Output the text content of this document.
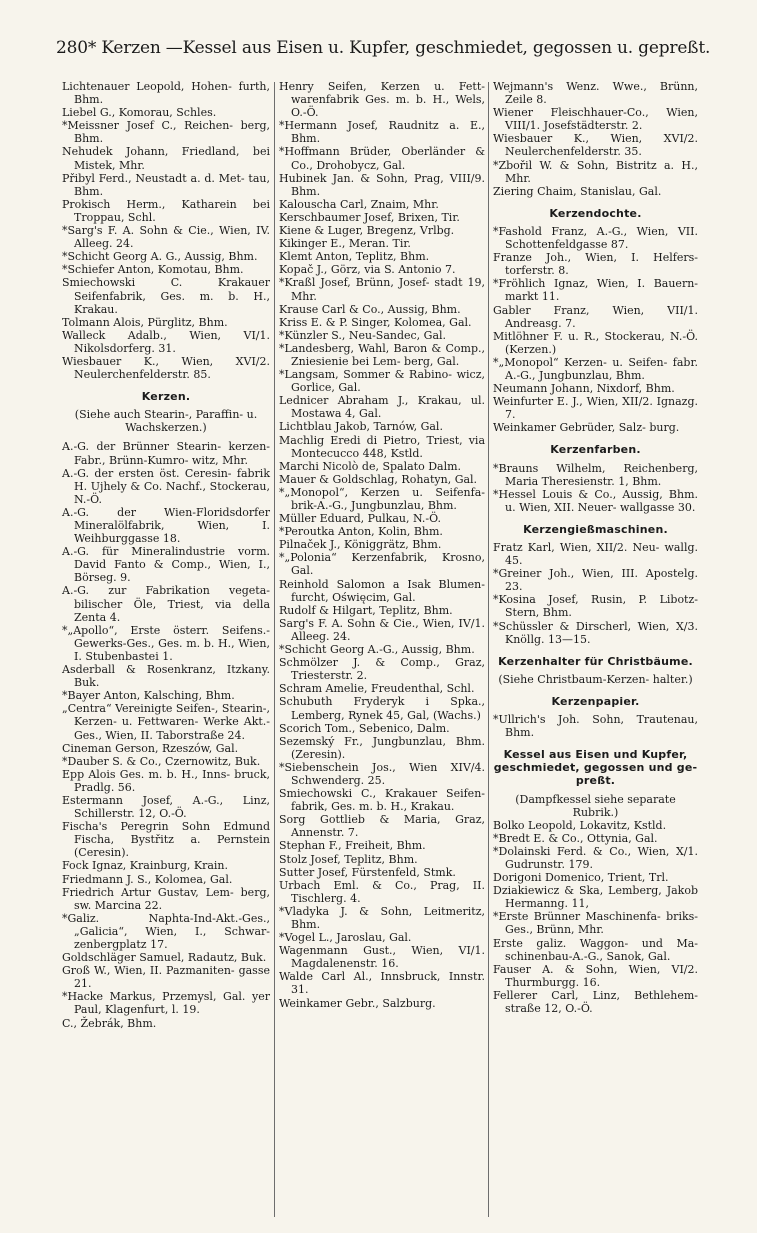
280* Kerzen —Kessel aus Eisen u. Kupfer, geschmiedet, gegossen u. gepreßt.
Lichtenauer Leopold, Hohen- furth, Bhm.
Liebel G., Komorau, Schles.
*Meissner Josef C., Reichen- berg, Bhm.
Nehudek Johann, Friedland, bei Mistek, Mhr.
Přibyl Ferd., Neustadt a. d. Met- tau, Bhm.
Prokisch Herm., Katharein bei Troppau, Schl.
*Sarg's F. A. Sohn & Cie., Wien, IV. Alleeg. 24.
*Schicht Georg A. G., Aussig, Bhm.
*Schiefer Anton, Komotau, Bhm.
Smiechowski C. Krakauer Seifenfabrik, Ges. m. b. H., Krakau.
Tolmann Alois, Pürglitz, Bhm.
Walleck Adalb., Wien, VI/1. Nikolsdorferg. 31.
Wiesbauer K., Wien, XVI/2. Neulerchenfelderstr. 85.
Kerzen.
(Siehe auch Stearin-, Paraffin- u. Wachskerzen.)
A.-G. der Brünner Stearin- kerzen-Fabr., Brünn-Kumro- witz, Mhr.
A.-G. der ersten öst. Ceresin- fabrik H. Ujhely & Co. Nachf., Stockerau, N.-Ö.
A.-G. der Wien-Floridsdorfer Mineralölfabrik, Wien, I. Weihburggasse 18.
A.-G. für Mineralindustrie vorm. David Fanto & Comp., Wien, I., Börseg. 9.
A.-G. zur Fabrikation vegeta- bilischer Öle, Triest, via della Zenta 4.
*„Apollo“, Erste österr. Seifens.- Gewerks-Ges., Ges. m. b. H., Wien, I. Stubenbastei 1.
Asderball & Rosenkranz, Itzkany. Buk.
*Bayer Anton, Kalsching, Bhm.
„Centra“ Vereinigte Seifen-, Stearin-, Kerzen- u. Fettwaren- Werke Akt.-Ges., Wien, II. Taborstraße 24.
Cineman Gerson, Rzeszów, Gal.
*Dauber S. & Co., Czernowitz, Buk.
Epp Alois Ges. m. b. H., Inns- bruck, Pradlg. 56.
Estermann Josef, A.-G., Linz, Schillerstr. 12, O.-Ö.
Fischa's Peregrin Sohn Edmund Fischa, Bystřitz a. Pernstein (Ceresin).
Fock Ignaz, Krainburg, Krain.
Friedmann J. S., Kolomea, Gal.
Friedrich Artur Gustav, Lem- berg, sw. Marcina 22.
*Galiz. Naphta-Ind-Akt.-Ges., „Galicia“, Wien, I., Schwar- zenbergplatz 17.
Goldschläger Samuel, Radautz, Buk.
Groß W., Wien, II. Pazmaniten- gasse 21.
*Hacke Markus, Przemysl, Gal. yer Paul, Klagenfurt, l. 19.
C., Žebrák, Bhm.
Henry Seifen, Kerzen u. Fett- warenfabrik Ges. m. b. H., Wels, O.-Ö.
*Hermann Josef, Raudnitz a. E., Bhm.
*Hoffmann Brüder, Oberländer & Co., Drohobycz, Gal.
Hubinek Jan. & Sohn, Prag, VIII/9. Bhm.
Kalouscha Carl, Znaim, Mhr.
Kerschbaumer Josef, Brixen, Tir.
Kiene & Luger, Bregenz, Vrlbg.
Kikinger E., Meran. Tir.
Klemt Anton, Teplitz, Bhm.
Kopač J., Görz, via S. Antonio 7.
*Kraßl Josef, Brünn, Josef- stadt 19, Mhr.
Krause Carl & Co., Aussig, Bhm.
Kriss E. & P. Singer, Kolomea, Gal.
*Künzler S., Neu-Sandec, Gal.
*Landesberg, Wahl, Baron & Comp., Zniesienie bei Lem- berg, Gal.
*Langsam, Sommer & Rabino- wicz, Gorlice, Gal.
Lednicer Abraham J., Krakau, ul. Mostawa 4, Gal.
Lichtblau Jakob, Tarnów, Gal.
Machlig Eredi di Pietro, Triest, via Montecucco 448, Kstld.
Marchi Nicolò de, Spalato Dalm.
Mauer & Goldschlag, Rohatyn, Gal.
*„Monopol“, Kerzen u. Seifenfa- brik-A.-G., Jungbunzlau, Bhm.
Müller Eduard, Pulkau, N.-Ö.
*Peroutka Anton, Kolin, Bhm.
Pilnaček J., Königgrätz, Bhm.
*„Polonia“ Kerzenfabrik, Krosno, Gal.
Reinhold Salomon a Isak Blumen- furcht, Oświęcim, Gal.
Rudolf & Hilgart, Teplitz, Bhm.
Sarg's F. A. Sohn & Cie., Wien, IV/1. Alleeg. 24.
*Schicht Georg A.-G., Aussig, Bhm.
Schmölzer J. & Comp., Graz, Triesterstr. 2.
Schram Amelie, Freudenthal, Schl.
Schubuth Fryderyk i Spka., Lemberg, Rynek 45, Gal, (Wachs.)
Scorich Tom., Sebenico, Dalm.
Sezemský Fr., Jungbunzlau, Bhm. (Zeresin).
*Siebenschein Jos., Wien XIV/4. Schwenderg. 25.
Smiechowski C., Krakauer Seifen- fabrik, Ges. m. b. H., Krakau.
Sorg Gottlieb & Maria, Graz, Annenstr. 7.
Stephan F., Freiheit, Bhm.
Stolz Josef, Teplitz, Bhm.
Sutter Josef, Fürstenfeld, Stmk.
Urbach Eml. & Co., Prag, II. Tischlerg. 4.
*Vladyka J. & Sohn, Leitmeritz, Bhm.
*Vogel L., Jaroslau, Gal.
Wagenmann Gust., Wien, VI/1. Magdalenenstr. 16.
Walde Carl Al., Innsbruck, Innstr. 31.
Weinkamer Gebr., Salzburg.
Wejmann's Wenz. Wwe., Brünn, Zeile 8.
Wiener Fleischhauer-Co., Wien, VIII/1. Josefstädterstr. 2.
Wiesbauer K., Wien, XVI/2. Neulerchenfelderstr. 35.
*Zbořil W. & Sohn, Bistritz a. H., Mhr.
Ziering Chaim, Stanislau, Gal.
Kerzendochte.
*Fashold Franz, A.-G., Wien, VII. Schottenfeldgasse 87.
Franze Joh., Wien, I. Helfers- torferstr. 8.
*Fröhlich Ignaz, Wien, I. Bauern- markt 11.
Gabler Franz, Wien, VII/1. Andreasg. 7.
Mitlöhner F. u. R., Stockerau, N.-Ö. (Kerzen.)
*„Monopol“ Kerzen- u. Seifen- fabr. A.-G., Jungbunzlau, Bhm.
Neumann Johann, Nixdorf, Bhm.
Weinfurter E. J., Wien, XII/2. Ignazg. 7.
Weinkamer Gebrüder, Salz- burg.
Kerzenfarben.
*Brauns Wilhelm, Reichenberg, Maria Theresienstr. 1, Bhm.
*Hessel Louis & Co., Aussig, Bhm. u. Wien, XII. Neuer- wallgasse 30.
Kerzengießmaschinen.
Fratz Karl, Wien, XII/2. Neu- wallg. 45.
*Greiner Joh., Wien, III. Apostelg. 23.
*Kosina Josef, Rusin, P. Libotz- Stern, Bhm.
*Schüssler & Dirscherl, Wien, X/3. Knöllg. 13—15.
Kerzenhalter für Christbäume.
(Siehe Christbaum-Kerzen- halter.)
Kerzenpapier.
*Ullrich's Joh. Sohn, Trautenau, Bhm.
Kessel aus Eisen und Kupfer, geschmiedet, gegossen und ge- preßt.
(Dampfkessel siehe separate Rubrik.)
Bolko Leopold, Lokavitz, Kstld.
*Bredt E. & Co., Ottynia, Gal.
*Dolainski Ferd. & Co., Wien, X/1. Gudrunstr. 179.
Dorigoni Domenico, Trient, Trl.
Dziakiewicz & Ska, Lemberg, Jakob Hermanng. 11,
*Erste Brünner Maschinenfa- briks-Ges., Brünn, Mhr.
Erste galiz. Waggon- und Ma- schinenbau-A.-G., Sanok, Gal.
Fauser A. & Sohn, Wien, VI/2. Thurmburgg. 16.
Fellerer Carl, Linz, Bethlehem- straße 12, O.-Ö.
